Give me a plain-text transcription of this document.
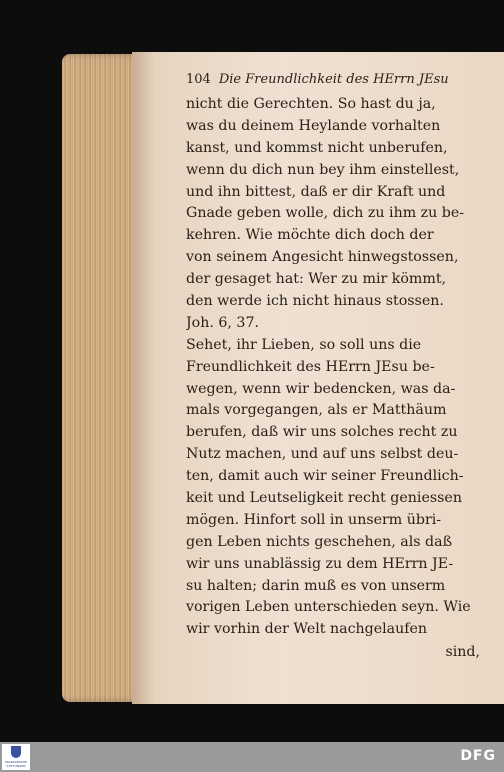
104 Die Freundlichkeit des HErrn JEsu
nicht die Gerechten. So hast du ja,
was du deinem Heylande vorhalten
kanst, und kommst nicht unberufen,
wenn du dich nun bey ihm einstellest,
und ihn bittest, daß er dir Kraft und
Gnade geben wolle, dich zu ihm zu be-
kehren. Wie möchte dich doch der
von seinem Angesicht hinwegstossen,
der gesaget hat: Wer zu mir kömmt,
den werde ich nicht hinaus stossen.
Joh. 6, 37.
Sehet, ihr Lieben, so soll uns die
Freundlichkeit des HErrn JEsu be-
wegen, wenn wir bedencken, was da-
mals vorgegangen, als er Matthäum
berufen, daß wir uns solches recht zu
Nutz machen, und auf uns selbst deu-
ten, damit auch wir seiner Freundlich-
keit und Leutseligkeit recht geniessen
mögen. Hinfort soll in unserm übri-
gen Leben nichts geschehen, als daß
wir uns unablässig zu dem HErrn JE-
su halten; darin muß es von unserm
vorigen Leben unterschieden seyn. Wie
wir vorhin der Welt nachgelaufen
sind,
FRANCKESCHE STIFTUNGEN
DFG
